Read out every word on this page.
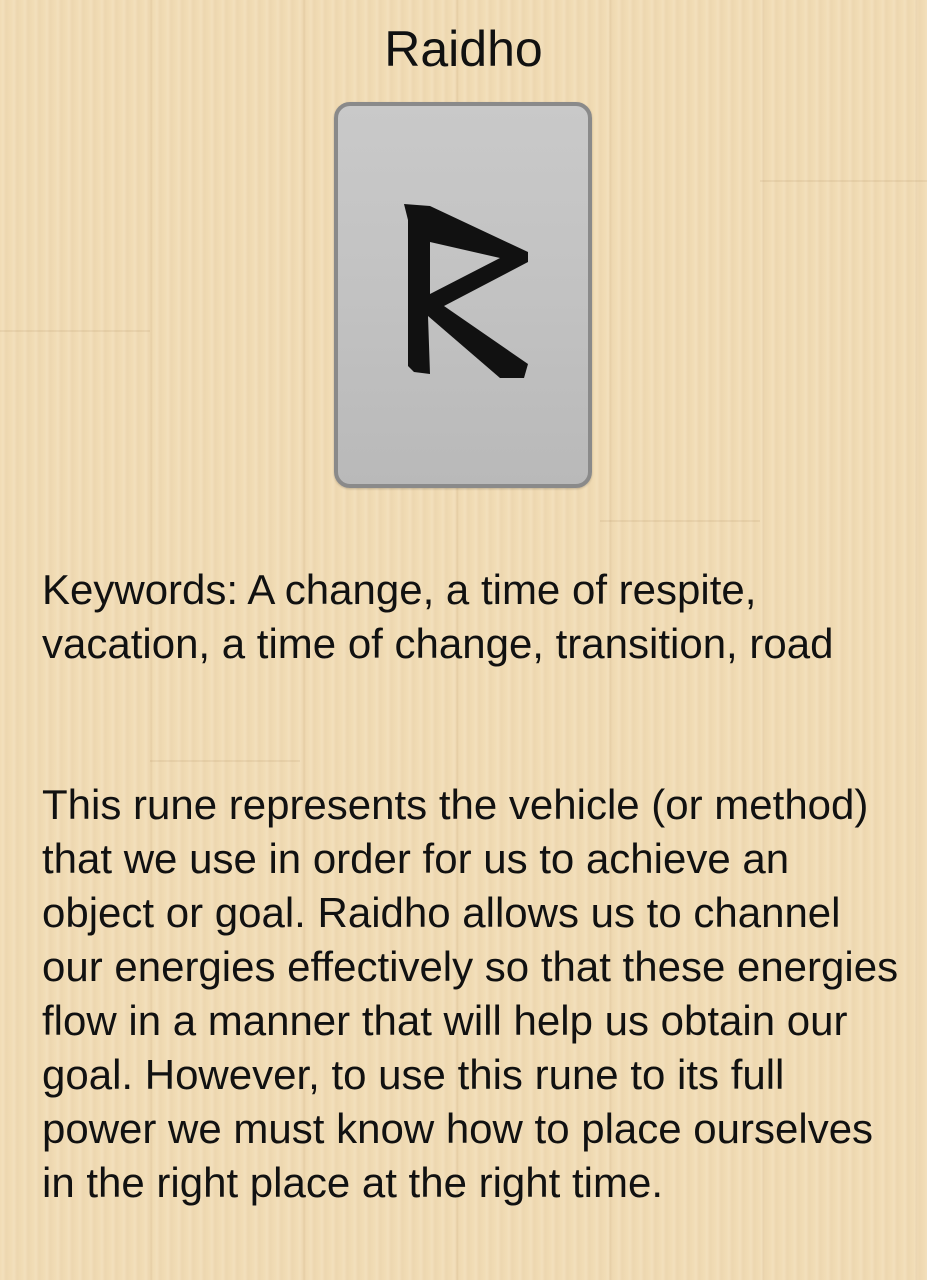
Raidho

Keywords: A change, a time of respite, vacation, a time of change, transition, road

This rune represents the vehicle (or method) that we use in order for us to achieve an object or goal. Raidho allows us to channel our energies effectively so that these energies flow in a manner that will help us obtain our goal. However, to use this rune to its full power we must know how to place ourselves in the right place at the right time.
